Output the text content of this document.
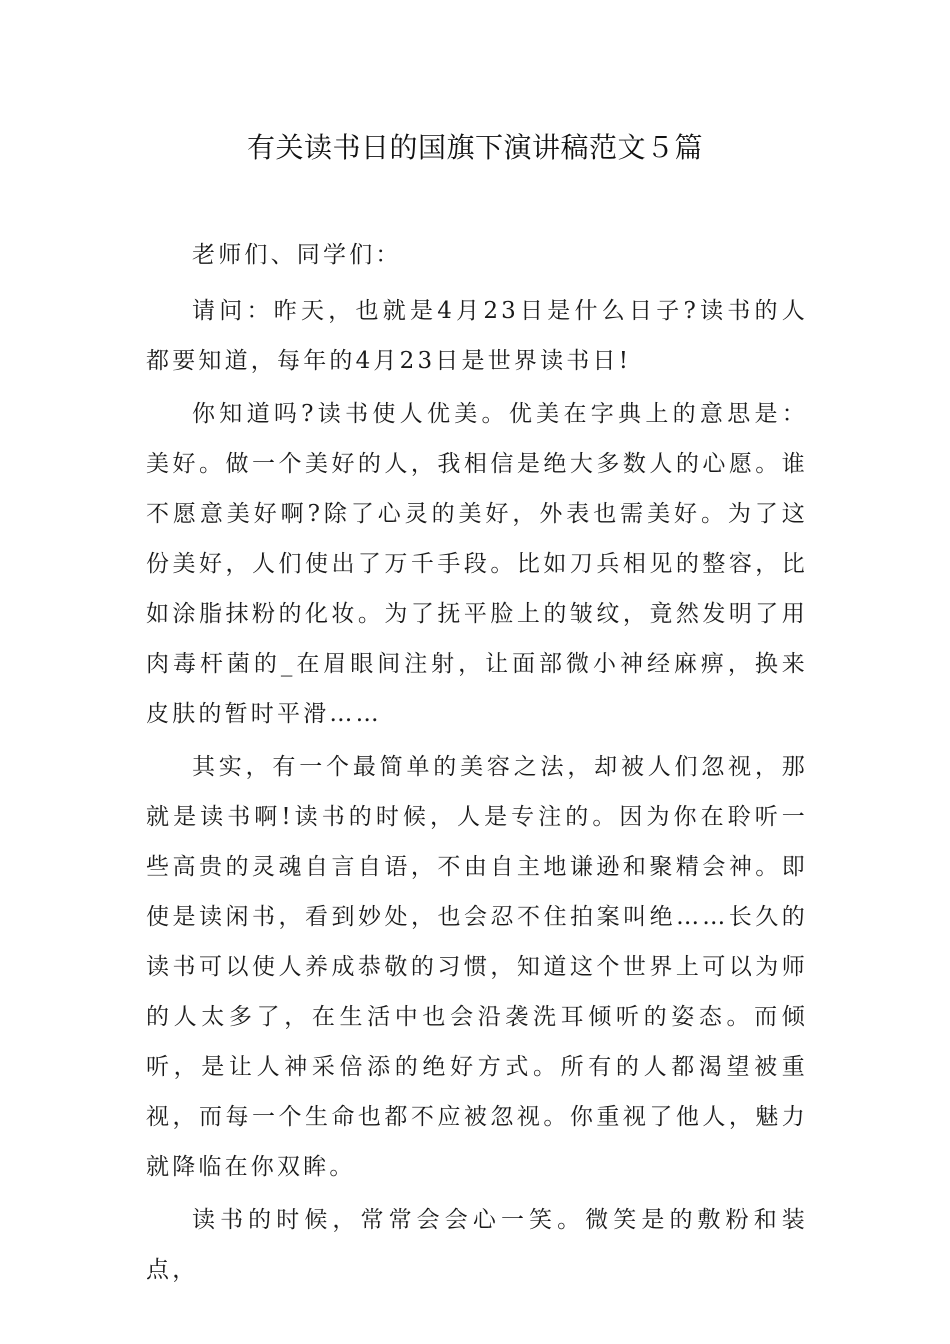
有关读书日的国旗下演讲稿范文５篇

老师们、同学们：

请问：昨天，也就是4月23日是什么日子?读书的人都要知道，每年的4月23日是世界读书日!

你知道吗?读书使人优美。优美在字典上的意思是：美好。做一个美好的人，我相信是绝大多数人的心愿。谁不愿意美好啊?除了心灵的美好，外表也需美好。为了这份美好，人们使出了万千手段。比如刀兵相见的整容，比如涂脂抹粉的化妆。为了抚平脸上的皱纹，竟然发明了用肉毒杆菌的_在眉眼间注射，让面部微小神经麻痹，换来皮肤的暂时平滑……

其实，有一个最简单的美容之法，却被人们忽视，那就是读书啊!读书的时候，人是专注的。因为你在聆听一些高贵的灵魂自言自语，不由自主地谦逊和聚精会神。即使是读闲书，看到妙处，也会忍不住拍案叫绝……长久的读书可以使人养成恭敬的习惯，知道这个世界上可以为师的人太多了，在生活中也会沿袭洗耳倾听的姿态。而倾听，是让人神采倍添的绝好方式。所有的人都渴望被重视，而每一个生命也都不应被忽视。你重视了他人，魅力就降临在你双眸。

读书的时候，常常会会心一笑。微笑是的敷粉和装点，
